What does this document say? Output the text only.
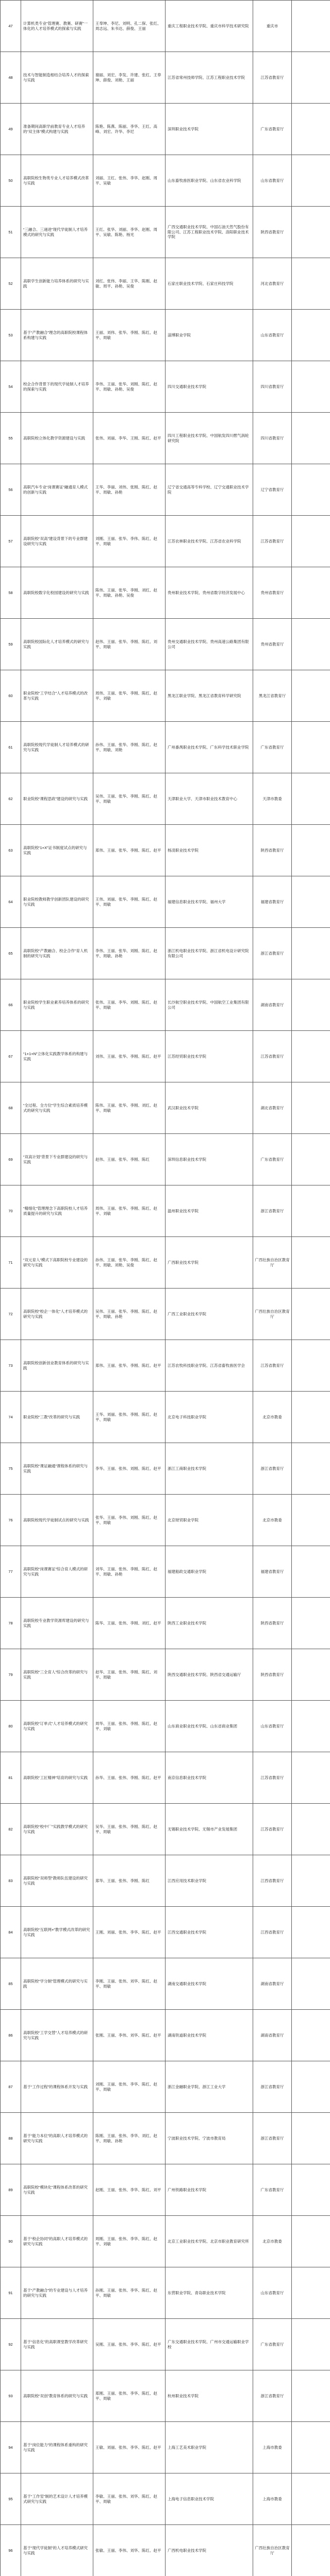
47	计算机类专业“管理赛、教赛、研赛”一体化的人才培养模式的探索与实践	王奉坤、李尼、刘明、孔二保、张红、周志远、朱书达、薛俊、王丽	重庆工程职业技术学院、重庆市科学技术研究院	重庆市	
48	技术与智能制造相结合培养人才的探索与实践	谢丽、刘宏、李发、许建、张红、王奉坤、薛俊、刘艳、王丽	江苏省常州技师学院、江苏工程职业技术学院	江苏省教育厅	
49	准备期间高职学前教育专业人才培养的“双主体”模式构建与实践	陈艳、陈燕、陈丽、李华、王红、高峰、刘宏、许华、李尼	深圳职业技术学院	广东省教育厅	
50	高职院校生物类专业人才培养模式改革与实践	刘丽、王红、张伟、李华、赵刚、周平、吴敏	山东畜牧兽医职业学院、山东省农业科学院	山东省教育厅	
51	“三融合、三递进”现代学徒制人才培养模式的研究与实践	王红、张华、刘丽、李华、赵刚、周平、吴敏、陈艳、杨光	广西交通职业技术学院、中国石油天然气股份有限公司、江苏工程职业技术学院、洛阳职业技术学院	陕西省教育厅	
52	高职学生创新能力培养体系的研究与实践	刘红、张伟、李丽、王华、陈刚、赵敏、周平、孙艳、吴俊	石家庄职业技术学院、石家庄科技学院	河北省教育厅	
53	基于“产教融合”理念的高职院校课程体系构建与实践	王丽、刘伟、张华、李刚、陈红、赵平、周敏	淄博职业学院	山东省教育厅	
54	校企合作背景下的现代学徒制人才培养的探索与实践	李伟、王丽、张华、刘刚、陈红、赵平、周敏、孙艳、吴俊	四川交通职业技术学院	四川省教育厅	
55	高职院校立体化教学资源建设与实践	张伟、刘丽、李华、王刚、陈红、赵平	四川工程职业技术学院、中国航发四川燃气涡轮研究院	四川省教育厅	
56	高职汽车专业“岗课赛证”融通育人模式的创新与实践	王华、李丽、刘伟、张刚、陈红、赵平、周敏、孙艳	辽宁省交通高等专科学校、辽宁交通职业技术学院	辽宁省教育厅	
57	高职院校“双高”建设背景下的专业群建设研究与实践	刘刚、王丽、张华、李伟、陈红、赵平、周敏	江苏农林职业技术学院、江苏省农业科学院	江苏省教育厅	
58	高职院校数字化校园建设的研究与实践	陈伟、王丽、张华、李刚、刘红、赵平、周敏、孙艳、吴俊	贵州职业技术学院、贵州省数字经济发展中心	贵州省教育厅	
59	高职院校国际化人才培养模式的研究与实践	赵伟、王丽、张华、李刚、陈红、刘平、周敏	贵州交通职业技术学院、贵州高速公路集团有限公司	贵州省教育厅	
60	职业院校“工学结合”人才培养模式的改革与实践	周伟、王丽、张华、李刚、陈红、赵平、刘敏	黑龙江职业学院、黑龙江省教育科学研究院	黑龙江省教育厅	
61	高职院校现代学徒制人才培养模式的研究与实践	孙伟、王丽、张华、李刚、陈红、赵平、周敏、刘艳	广州番禺职业技术学院、广东科学技术职业学院	广东省教育厅	
62	职业院校“课程思政”建设的研究与实践	吴伟、王丽、张华、李刚、陈红、赵平、周敏	天津职业大学、天津市职业技术教育中心	天津市教委	
63	高职院校“1+X”证书制度试点的研究与实践	郑伟、王丽、张华、李刚、陈红、赵平	杨凌职业技术学院	陕西省教育厅	
64	职业院校教师教学创新团队建设的研究与实践	王伟、刘丽、张华、李刚、陈红、赵平、周敏	福建信息职业技术学院、福州大学	福建省教育厅	
65	高职院校“产教融合、校企合作”育人机制的研究与实践	李伟、王丽、张华、刘刚、陈红、赵平、周敏、孙艳	浙江机电职业技术学院、浙江省机电设计研究院有限公司	浙江省教育厅	
66	职业院校学生职业素养培养体系的研究与实践	张伟、王丽、李华、刘刚、陈红、赵平、周敏	长沙航空职业技术学院、中国航空工业集团有限公司	湖南省教育厅	
67	“1+1+N”立体化实践教学体系的构建与实践	刘伟、王丽、张华、李刚、陈红、赵平	江苏经贸职业技术学院	江苏省教育厅	
68	“全过程、全方位”学生综合素质培养模式的研究与实践	陈伟、王丽、张华、李刚、刘红、赵平、周敏	武汉职业技术学院	湖北省教育厅	
69	“双高计划”背景下专业群建设的研究与实践	赵伟、王丽、张华、李刚、陈红	深圳信息职业技术学院	广东省教育厅	
70	“精细化”管理理念下高职院校人才培养质量提升的研究与实践	周伟、王丽、张华、李刚、陈红、赵平、刘敏	温州职业技术学院	浙江省教育厅	
71	“双元育人”模式下高职院校专业建设的研究与实践	孙伟、王丽、张华、李刚、陈红、赵平、周敏、刘艳、吴俊	广西职业技术学院	广西壮族自治区教育厅	
72	高职院校“校企一体化”人才培养模式的研究与实践	吴伟、王丽、张华、李刚、陈红、赵平、周敏、孙艳	广西工业职业技术学院	广西壮族自治区教育厅	
73	高职院校创新创业教育体系的研究与实践	郑伟、王丽、张华、李刚、陈红、赵平	江苏农牧科技职业学院、江苏省畜牧兽医学会	江苏省教育厅	
74	职业院校“三教”改革的研究与实践	王华、刘丽、张伟、李刚、陈红、赵平、周敏	北京电子科技职业学院	北京市教委	
75	高职院校“课证融通”课程体系的研究与实践	李华、王丽、张伟、刘刚、陈红、赵平	浙江工商职业技术学院	浙江省教育厅	
76	高职院校现代学徒制试点的研究与实践	张华、王丽、李伟、刘刚、陈红、赵平、周敏	北京财贸职业学院	北京市教委	
77	高职院校“岗课赛证”综合育人模式的研究与实践	刘华、王丽、张伟、李刚、陈红、赵平、周敏、孙艳	福建船政交通职业学院	福建省教育厅	
78	高职院校专业教学资源库建设的研究与实践	陈华、王丽、张伟、李刚、刘红、赵平	陕西工业职业技术学院	陕西省教育厅	
79	高职院校“三全育人”综合改革的研究与实践	赵华、王丽、张伟、李刚、陈红、刘平、周敏	陕西交通职业技术学院、陕西省交通运输厅	陕西省教育厅	
80	高职院校“订单式”人才培养模式的研究与实践	周华、王丽、张伟、李刚、陈红、赵平、刘敏	山东商业职业技术学院、山东省商业集团	山东省教育厅	
81	高职院校“工匠精神”培育的研究与实践	孙华、王丽、张伟、李刚、陈红、赵平	南京信息职业技术学院	江苏省教育厅	
82	高职院校“校中厂”实践教学模式的研究与实践	吴华、王丽、张伟、李刚、陈红、赵平、周敏	无锡职业技术学院、无锡市产业发展集团	江苏省教育厅	
83	高职院校“双师型”教师队伍建设的研究与实践	郑华、王丽、张伟、李刚、陈红	江西应用技术职业学院	江西省教育厅	
84	高职院校“互联网+”教学模式改革的研究与实践	王刚、刘丽、张伟、李华、陈红、赵平	江西交通职业技术学院	江西省教育厅	
85	高职院校“学分制”管理模式的研究与实践	李刚、王丽、张伟、刘华、陈红、赵平、周敏	湖南交通职业技术学院	湖南省教育厅	
86	高职院校“工学交替”人才培养模式的研究与实践	张刚、王丽、李伟、刘华、陈红、赵平	湖南铁道职业技术学院	湖南省教育厅	
87	基于“工作过程”的课程体系开发与实践	刘刚、王丽、张伟、李华、陈红、赵平、周敏	浙江金融职业学院、浙江工业大学	浙江省教育厅	
88	基于“能力本位”的高职人才培养模式的研究与实践	陈刚、王丽、张伟、李华、刘红、赵平、周敏、孙艳	宁波职业技术学院、宁波市教育局	浙江省教育厅	
89	高职院校“模块化”课程体系改革的研究与实践	赵刚、王丽、张伟、李华、陈红、刘平	广州铁路职业技术学院	广东省教育厅	
90	基于“校企协同”的高职人才培养模式的研究与实践	周刚、王丽、张伟、李华、陈红、赵平、刘敏	北京工业职业技术学院、北京市职业教育研究所	北京市教委	
91	基于“产教融合”的专业建设与人才培养的研究与实践	孙刚、王丽、张伟、李华、陈红、赵平、周敏	东营职业学院、青岛职业技术学院	山东省教育厅	
92	基于“信息化”的高职课堂教学改革研究与实践	吴刚、王丽、张伟、李华、陈红、赵平	广东交通职业技术学院、广州市交通运输职业学校	广东省教育厅	
93	高职院校“双创”教育体系的研究与实践	郑刚、王丽、张伟、李华、陈红、赵平、周敏	杭州职业技术学院	浙江省教育厅	
94	基于“岗位能力”的课程体系重构的研究与实践	王敏、刘丽、张伟、李华、陈红、赵平	上海工艺美术职业学院	上海市教委	
95	基于“工作室”制的艺术设计人才培养模式研究与实践	李敏、王丽、张伟、刘华、陈红、赵平、周敏	上海电子信息职业技术学院	上海市教委	
96	基于“现代学徒制”的人才培养模式研究与实践	张敏、王丽、李伟、刘华、陈红、赵平	广西机电职业技术学院	广西壮族自治区教育厅	
